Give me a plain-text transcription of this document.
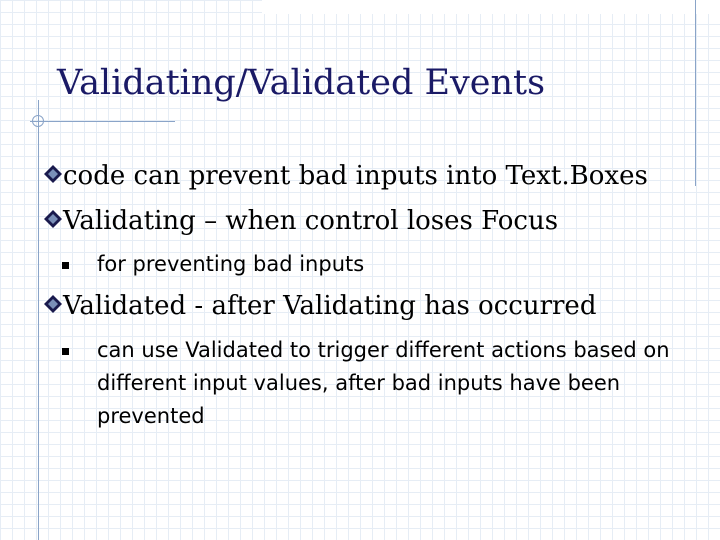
Validating/Validated Events
code can prevent bad inputs into Text.Boxes
Validating – when control loses Focus
for preventing bad inputs
Validated - after Validating has occurred
can use Validated to trigger different actions based on different input values, after bad inputs have been prevented
